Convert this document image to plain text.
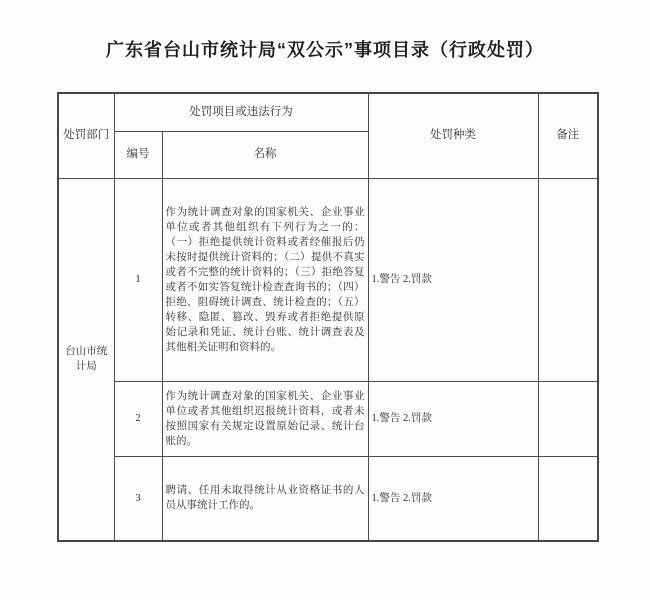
广东省台山市统计局“双公示”事项目录（行政处罚）
处罚部门	处罚项目或违法行为		处罚种类	备注
	编号	名称		
台山市统计局	1	作为统计调查对象的国家机关、企业事业单位或者其他组织有下列行为之一的：（一）拒绝提供统计资料或者经催报后仍未按时提供统计资料的；（二）提供不真实或者不完整的统计资料的；（三）拒绝答复或者不如实答复统计检查查询书的；（四）拒绝、阻碍统计调查、统计检查的；（五）转移、隐匿、篡改、毁弃或者拒绝提供原始记录和凭证、统计台账、统计调查表及其他相关证明和资料的。	1.警告 2.罚款	
	2	作为统计调查对象的国家机关、企业事业单位或者其他组织迟报统计资料，或者未按照国家有关规定设置原始记录、统计台账的。	1.警告 2.罚款	
	3	聘请、任用未取得统计从业资格证书的人员从事统计工作的。	1.警告 2.罚款	
